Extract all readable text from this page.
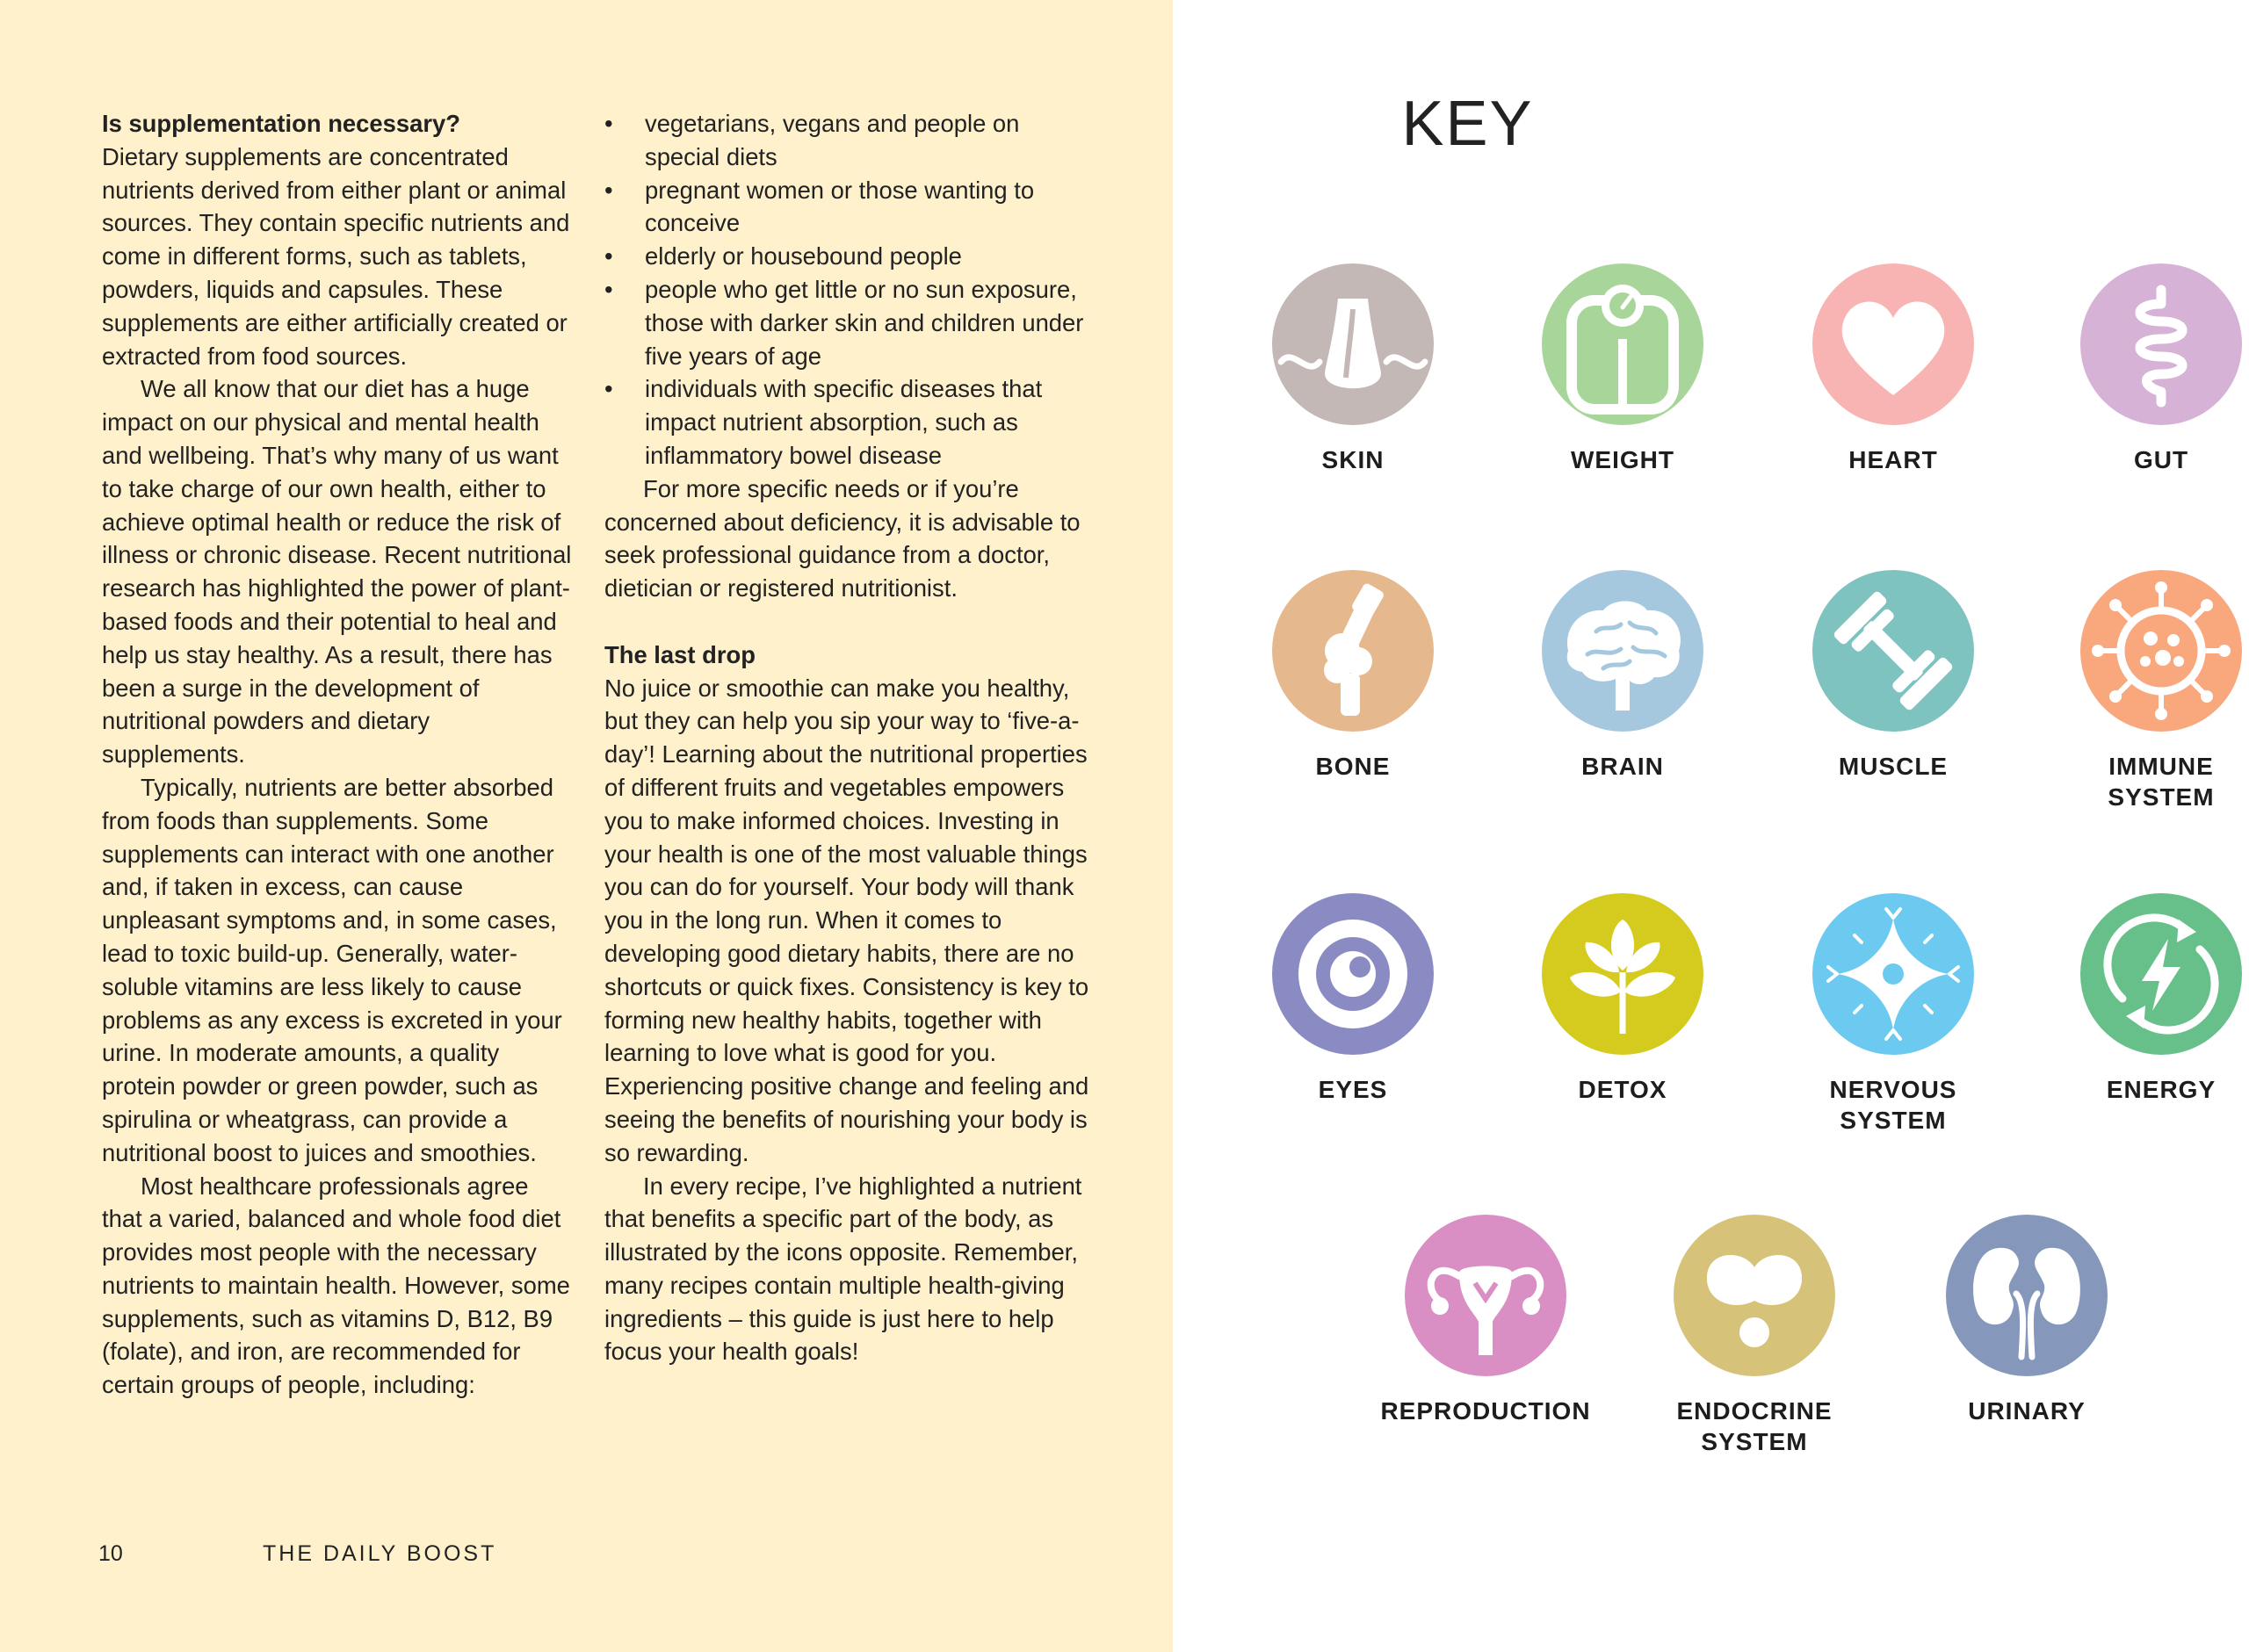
Is supplementation necessary?

Dietary supplements are concentrated nutrients derived from either plant or animal sources. They contain specific nutrients and come in different forms, such as tablets, powders, liquids and capsules. These supplements are either artificially created or extracted from food sources.

We all know that our diet has a huge impact on our physical and mental health and wellbeing. That’s why many of us want to take charge of our own health, either to achieve optimal health or reduce the risk of illness or chronic disease. Recent nutritional research has highlighted the power of plant-based foods and their potential to heal and help us stay healthy. As a result, there has been a surge in the development of nutritional powders and dietary supplements.

Typically, nutrients are better absorbed from foods than supplements. Some supplements can interact with one another and, if taken in excess, can cause unpleasant symptoms and, in some cases, lead to toxic build-up. Generally, water-soluble vitamins are less likely to cause problems as any excess is excreted in your urine. In moderate amounts, a quality protein powder or green powder, such as spirulina or wheatgrass, can provide a nutritional boost to juices and smoothies.

Most healthcare professionals agree that a varied, balanced and whole food diet provides most people with the necessary nutrients to maintain health. However, some supplements, such as vitamins D, B12, B9 (folate), and iron, are recommended for certain groups of people, including:

• vegetarians, vegans and people on special diets
• pregnant women or those wanting to conceive
• elderly or housebound people
• people who get little or no sun exposure, those with darker skin and children under five years of age
• individuals with specific diseases that impact nutrient absorption, such as inflammatory bowel disease

For more specific needs or if you’re concerned about deficiency, it is advisable to seek professional guidance from a doctor, dietician or registered nutritionist.

The last drop

No juice or smoothie can make you healthy, but they can help you sip your way to ‘five-a-day’! Learning about the nutritional properties of different fruits and vegetables empowers you to make informed choices. Investing in your health is one of the most valuable things you can do for yourself. Your body will thank you in the long run. When it comes to developing good dietary habits, there are no shortcuts or quick fixes. Consistency is key to forming new healthy habits, together with learning to love what is good for you. Experiencing positive change and feeling and seeing the benefits of nourishing your body is so rewarding.

In every recipe, I’ve highlighted a nutrient that benefits a specific part of the body, as illustrated by the icons opposite. Remember, many recipes contain multiple health-giving ingredients – this guide is just here to help focus your health goals!

10	THE DAILY BOOST
KEY
SKIN	WEIGHT	HEART	GUT
BONE	BRAIN	MUSCLE	IMMUNE
SYSTEM
EYES	DETOX	NERVOUS
SYSTEM
ENERGY
REPRODUCTION	ENDOCRINE
SYSTEM
URINARY
